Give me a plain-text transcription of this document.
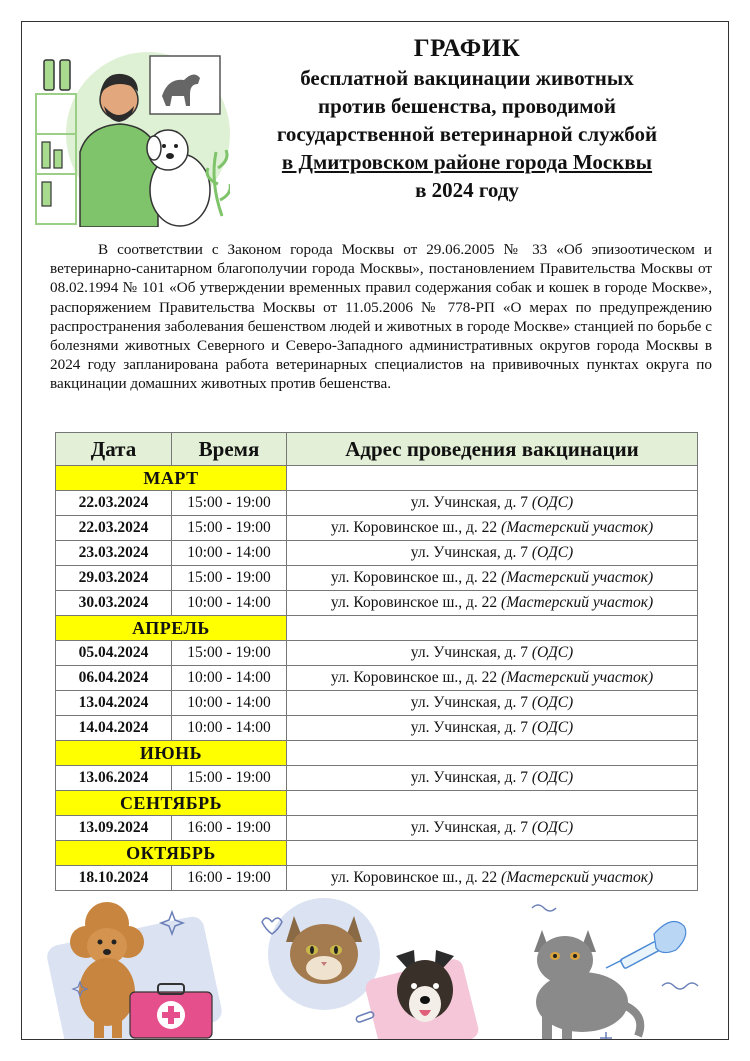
ГРАФИК
бесплатной вакцинации животных
против бешенства, проводимой
государственной ветеринарной службой
в Дмитровском районе города Москвы
в 2024 году
В соответствии с Законом города Москвы от 29.06.2005 № 33 «Об эпизоотическом и ветеринарно-санитарном благополучии города Москвы», постановлением Правительства Москвы от 08.02.1994 № 101 «Об утверждении временных правил содержания собак и кошек в городе Москве», распоряжением Правительства Москвы от 11.05.2006 № 778-РП «О мерах по предупреждению распространения заболевания бешенством людей и животных в городе Москве» станцией по борьбе с болезнями животных Северного и Северо-Западного административных округов города Москвы в 2024 году запланирована работа ветеринарных специалистов на прививочных пунктах округа по вакцинации домашних животных против бешенства.
Дата	Время	Адрес проведения вакцинации
МАРТ		
22.03.2024	15:00 - 19:00	ул. Учинская, д. 7 (ОДС)
22.03.2024	15:00 - 19:00	ул. Коровинское ш., д. 22 (Мастерский участок)
23.03.2024	10:00 - 14:00	ул. Учинская, д. 7 (ОДС)
29.03.2024	15:00 - 19:00	ул. Коровинское ш., д. 22 (Мастерский участок)
30.03.2024	10:00 - 14:00	ул. Коровинское ш., д. 22 (Мастерский участок)
АПРЕЛЬ		
05.04.2024	15:00 - 19:00	ул. Учинская, д. 7 (ОДС)
06.04.2024	10:00 - 14:00	ул. Коровинское ш., д. 22 (Мастерский участок)
13.04.2024	10:00 - 14:00	ул. Учинская, д. 7 (ОДС)
14.04.2024	10:00 - 14:00	ул. Учинская, д. 7 (ОДС)
ИЮНЬ		
13.06.2024	15:00 - 19:00	ул. Учинская, д. 7 (ОДС)
СЕНТЯБРЬ		
13.09.2024	16:00 - 19:00	ул. Учинская, д. 7 (ОДС)
ОКТЯБРЬ		
18.10.2024	16:00 - 19:00	ул. Коровинское ш., д. 22 (Мастерский участок)
